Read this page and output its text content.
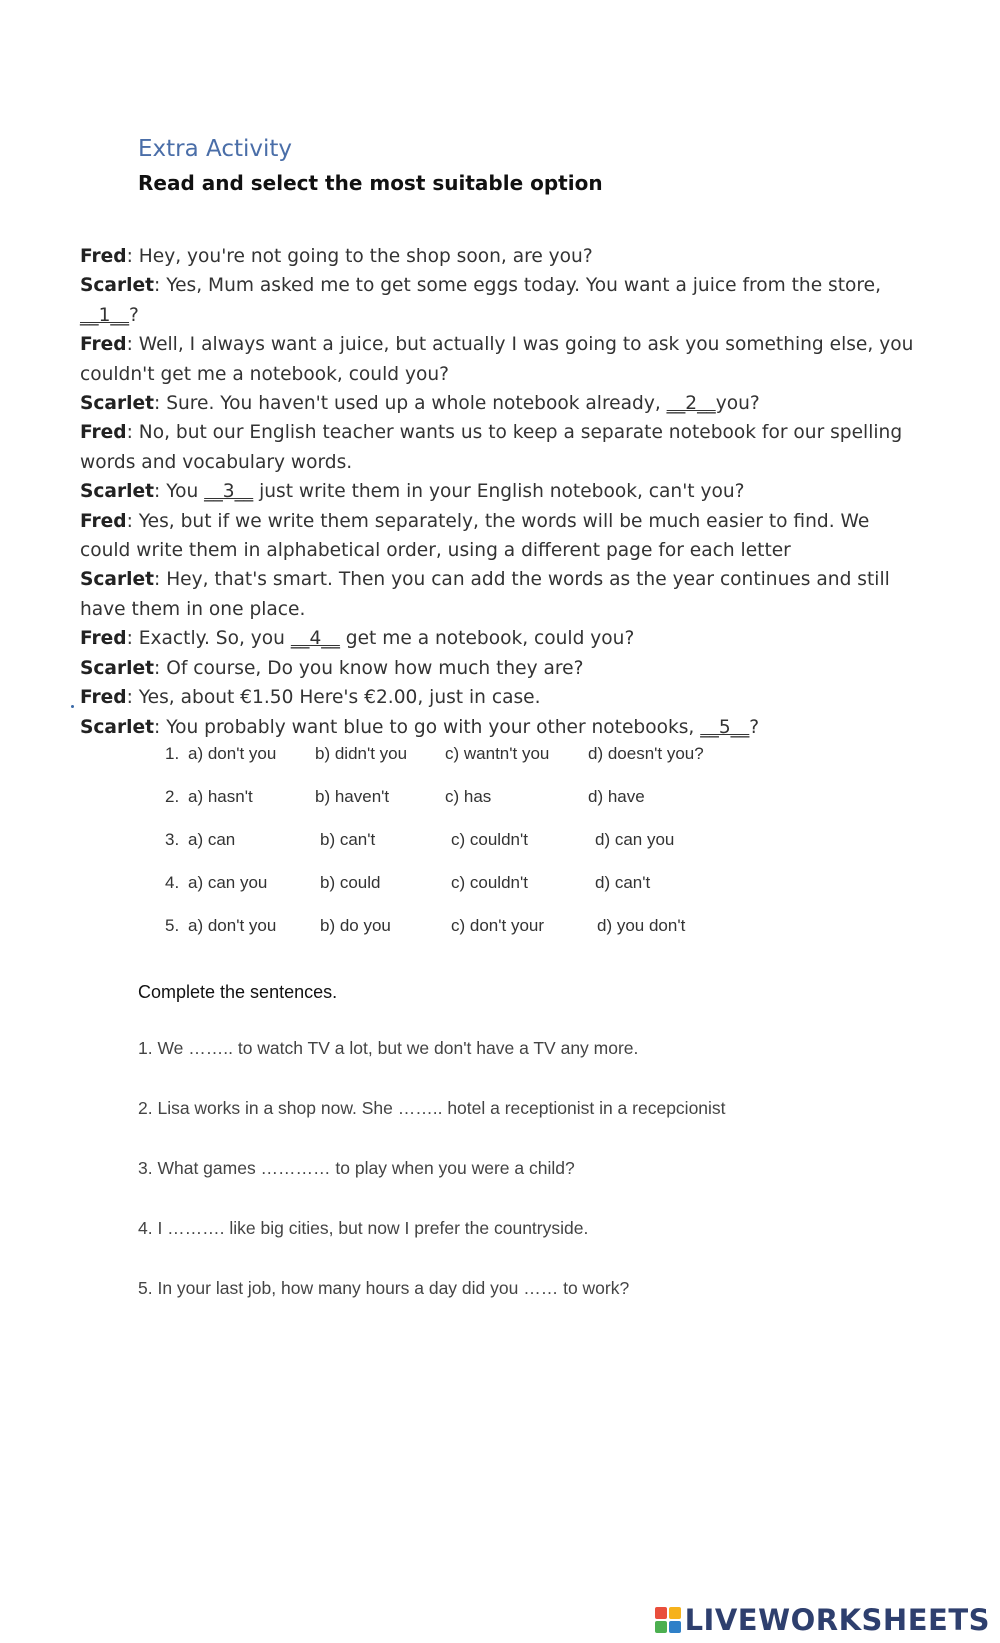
Extra Activity
Read and select the most suitable option

Fred: Hey, you're not going to the shop soon, are you?

Scarlet: Yes, Mum asked me to get some eggs today. You want a juice from the store, __1__?

Fred: Well, I always want a juice, but actually I was going to ask you something else, you couldn't get me a notebook, could you?

Scarlet: Sure. You haven't used up a whole notebook already, __2__you?

Fred: No, but our English teacher wants us to keep a separate notebook for our spelling words and vocabulary words.

Scarlet: You __3__ just write them in your English notebook, can't you?

Fred: Yes, but if we write them separately, the words will be much easier to find. We could write them in alphabetical order, using a different page for each letter

Scarlet: Hey, that's smart. Then you can add the words as the year continues and still have them in one place.

Fred: Exactly. So, you __4__ get me a notebook, could you?

Scarlet: Of course, Do you know how much they are?

Fred: Yes, about €1.50 Here's €2.00, just in case.

Scarlet: You probably want blue to go with your other notebooks, __5__?

1. a) don't you b) didn't you c) wantn't you d) doesn't you?
2. a) hasn't	b) haven't	c) has	d) have
3. a) can	b) can't	c) couldn't	d) can you
4. a) can you	b) could	c) couldn't	d) can't
5. a) don't you	b) do you	c) don't your	d) you don't
Complete the sentences.
1. We …….. to watch TV a lot, but we don't have a TV any more.
2. Lisa works in a shop now. She …….. hotel a receptionist in a recepcionist
3. What games ………… to play when you were a child?
4. I ………. like big cities, but now I prefer the countryside.
5. In your last job, how many hours a day did you …… to work?
LIVEWORKSHEETS
